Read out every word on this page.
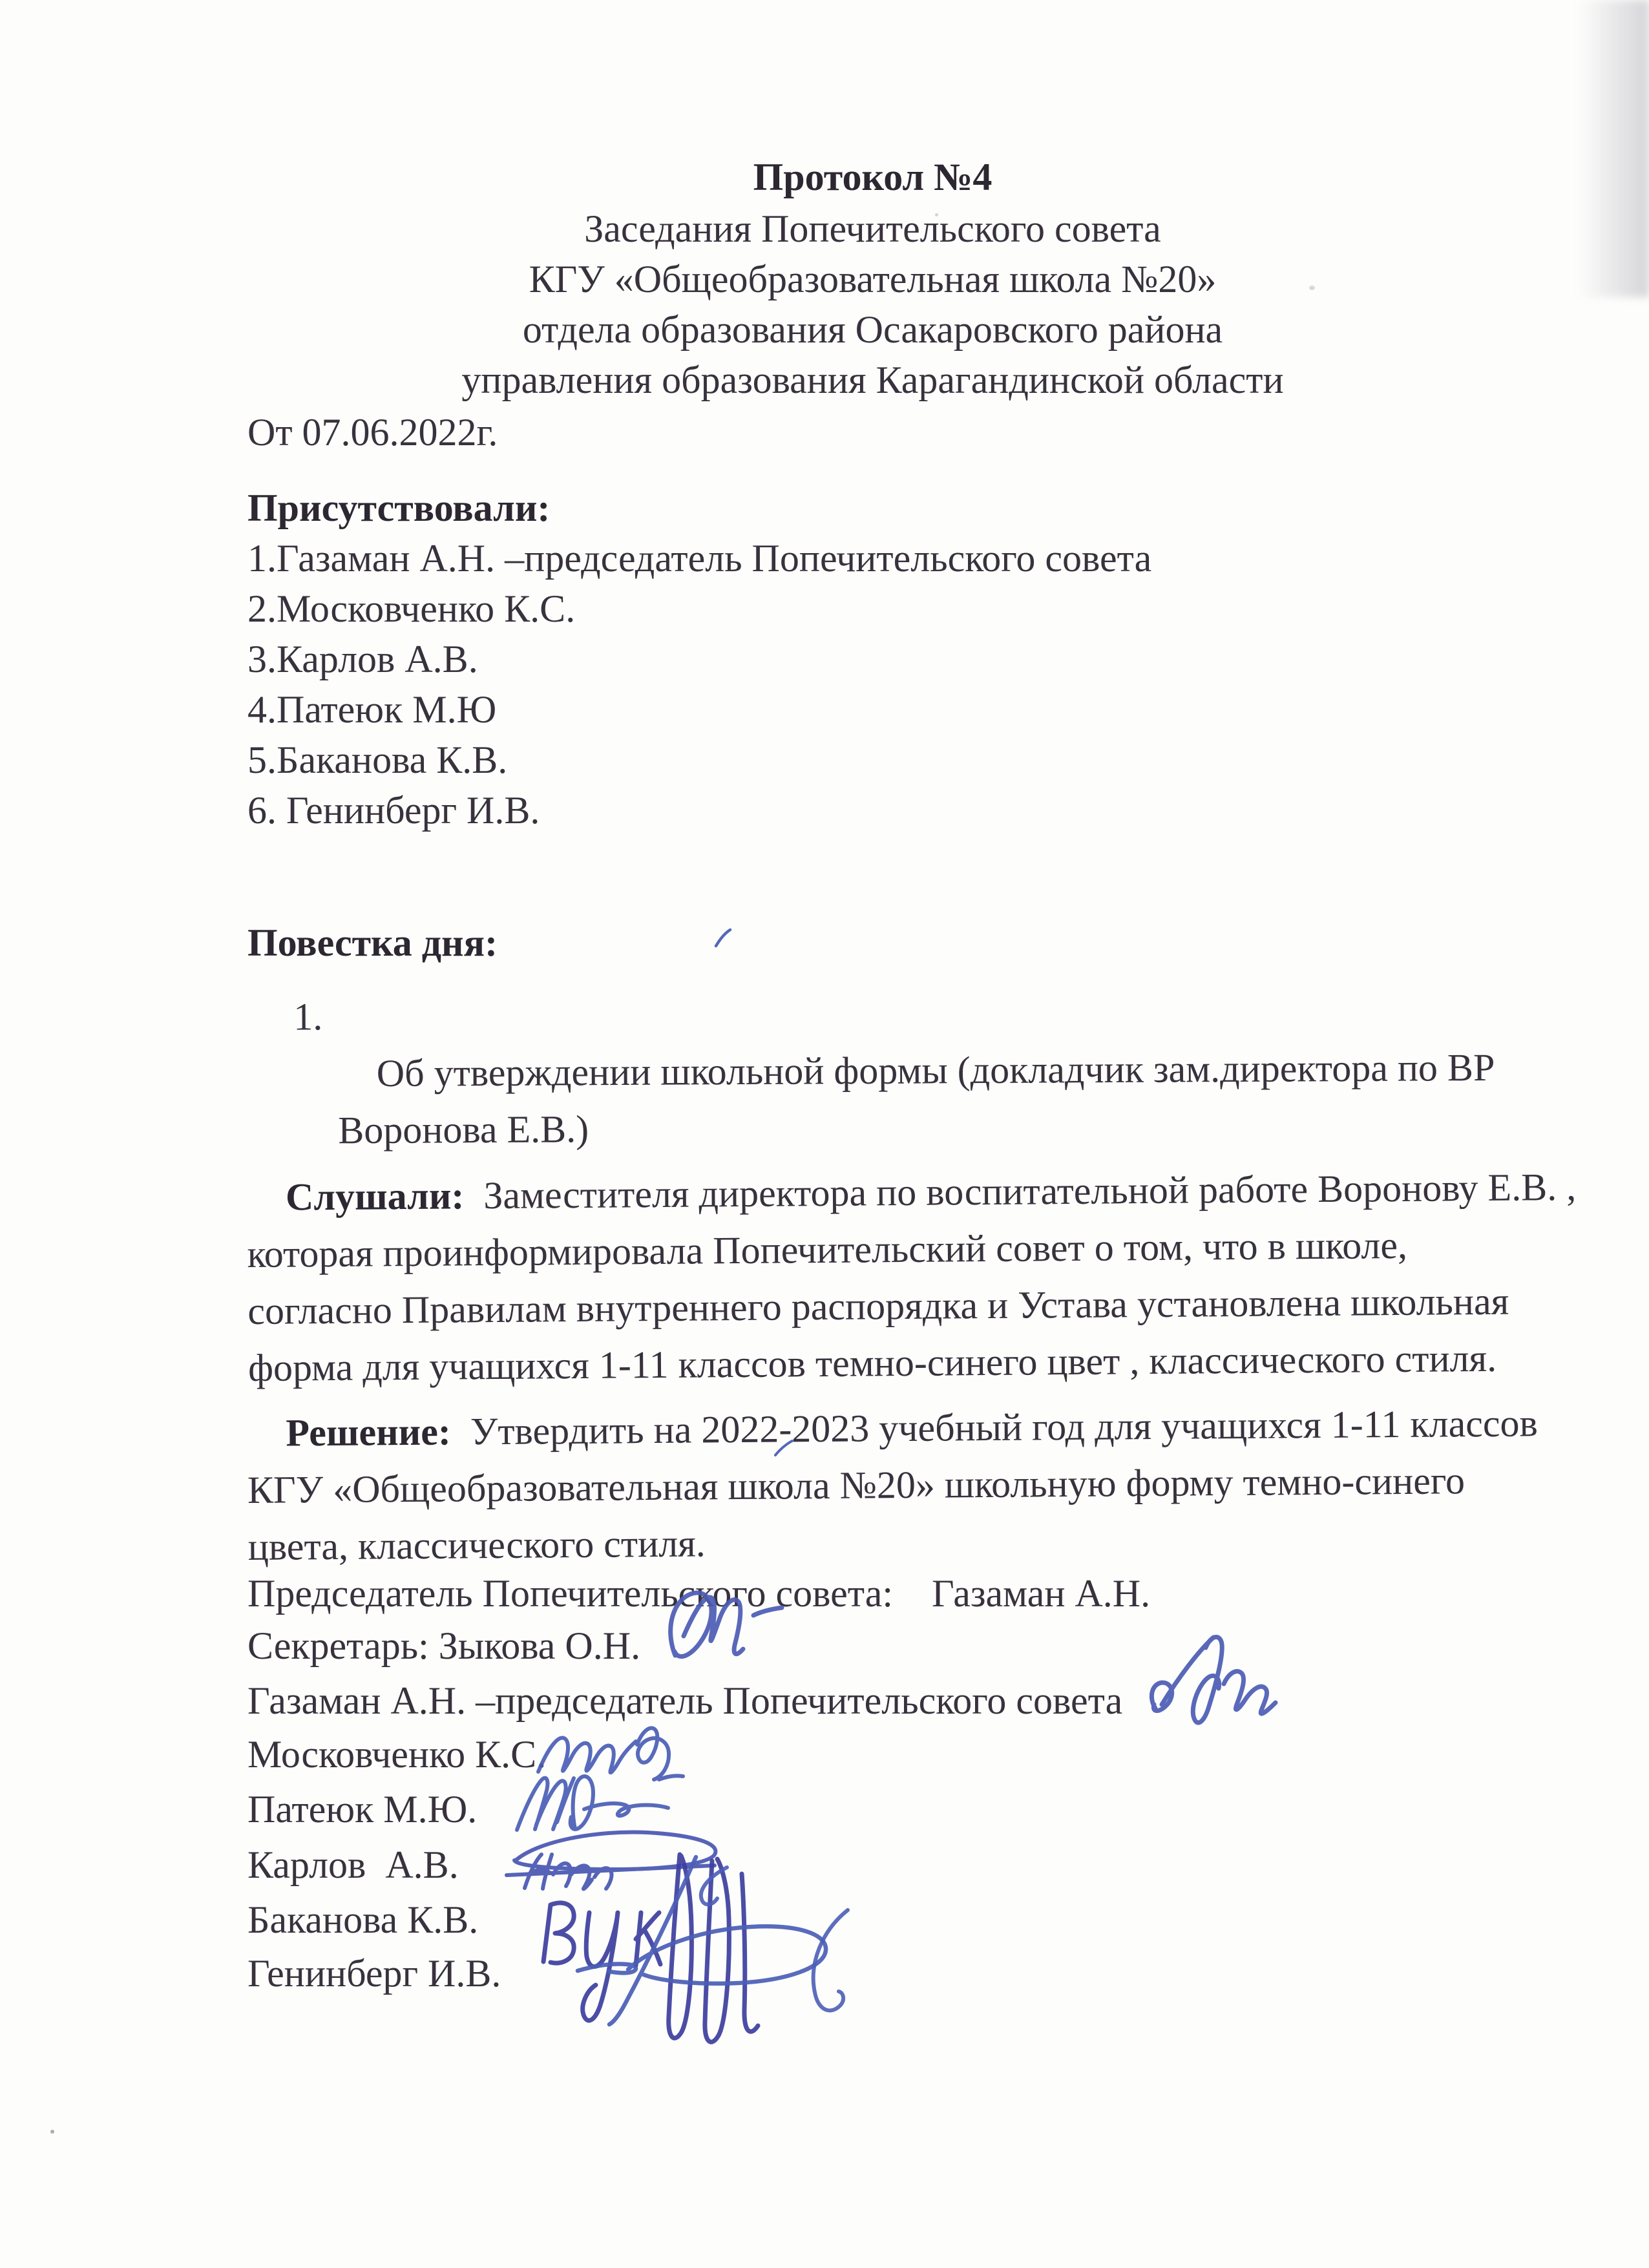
Протокол №4
Заседания Попечительского совета
КГУ «Общеобразовательная школа №20»
отдела образования Осакаровского района
управления образования Карагандинской области
От 07.06.2022г.
Присутствовали:
1.Газаман А.Н. –председатель Попечительского совета
2.Московченко К.С.
3.Карлов А.В.
4.Патеюк М.Ю
5.Баканова К.В.
6. Генинберг И.В.
Повестка дня:

1.
Об утверждении школьной формы (докладчик зам.директора по ВР
Воронова Е.В.)

Слушали:  Заместителя директора по воспитательной работе Воронову Е.В. ,
которая проинформировала Попечительский совет о том, что в школе,
согласно Правилам внутреннего распорядка и Устава установлена школьная
форма для учащихся 1-11 классов темно-синего цвет , классического стиля.

Решение:  Утвердить на 2022-2023 учебный год для учащихся 1-11 классов
КГУ «Общеобразовательная школа №20» школьную форму темно-синего
цвета, классического стиля.

Председатель Попечительского совета:    Газаман А.Н.
Секретарь: Зыкова О.Н.
Газаман А.Н. –председатель Попечительского совета
Московченко К.С.
Патеюк М.Ю.
Карлов  А.В.
Баканова К.В.
Генинберг И.В.
